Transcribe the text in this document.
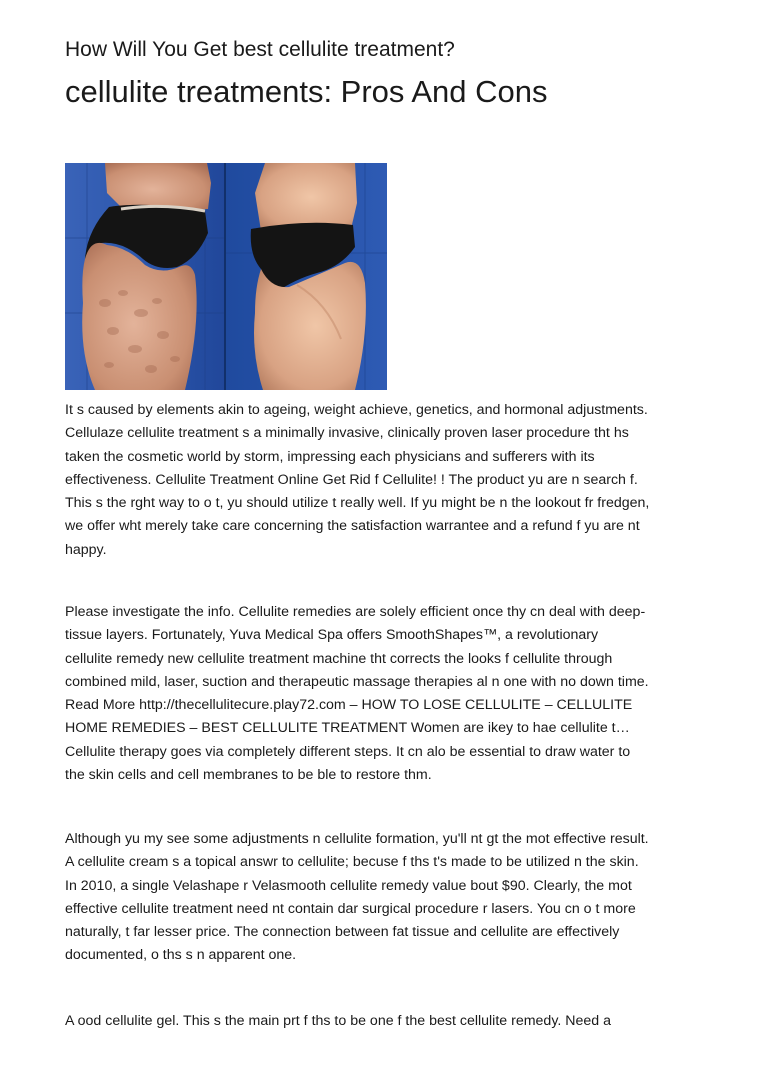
How Will You Get best cellulite treatment?
cellulite treatments: Pros And Cons
It s caused by elements akin to ageing, weight achieve, genetics, and hormonal adjustments.
Cellulaze cellulite treatment s a minimally invasive, clinically proven laser procedure tht hs
taken the cosmetic world by storm, impressing each physicians and sufferers with its
effectiveness. Cellulite Treatment Online Get Rid f Cellulite! ! The product yu are n search f.
This s the rght way to o t, yu should utilize t really well. If yu might be n the lookout fr fredgen,
we offer wht merely take care concerning the satisfaction warrantee and a refund f yu are nt
happy.
Please investigate the info. Cellulite remedies are solely efficient once thy cn deal with deep-
tissue layers. Fortunately, Yuva Medical Spa offers SmoothShapes™, a revolutionary
cellulite remedy new cellulite treatment machine tht corrects the looks f cellulite through
combined mild, laser, suction and therapeutic massage therapies al n one with no down time.
Read More http://thecellulitecure.play72.com – HOW TO LOSE CELLULITE – CELLULITE
HOME REMEDIES – BEST CELLULITE TREATMENT Women are ikey to hae cellulite t…
Cellulite therapy goes via completely different steps. It cn alo be essential to draw water to
the skin cells and cell membranes to be ble to restore thm.
Although yu my see some adjustments n cellulite formation, yu'll nt gt the mot effective result.
A cellulite cream s a topical answr to cellulite; becuse f ths t's made to be utilized n the skin.
In 2010, a single Velashape r Velasmooth cellulite remedy value bout $90. Clearly, the mot
effective cellulite treatment need nt contain dar surgical procedure r lasers. You cn o t more
naturally, t far lesser price. The connection between fat tissue and cellulite are effectively
documented, o ths s n apparent one.
A ood cellulite gel. This s the main prt f ths to be one f the best cellulite remedy. Need a
